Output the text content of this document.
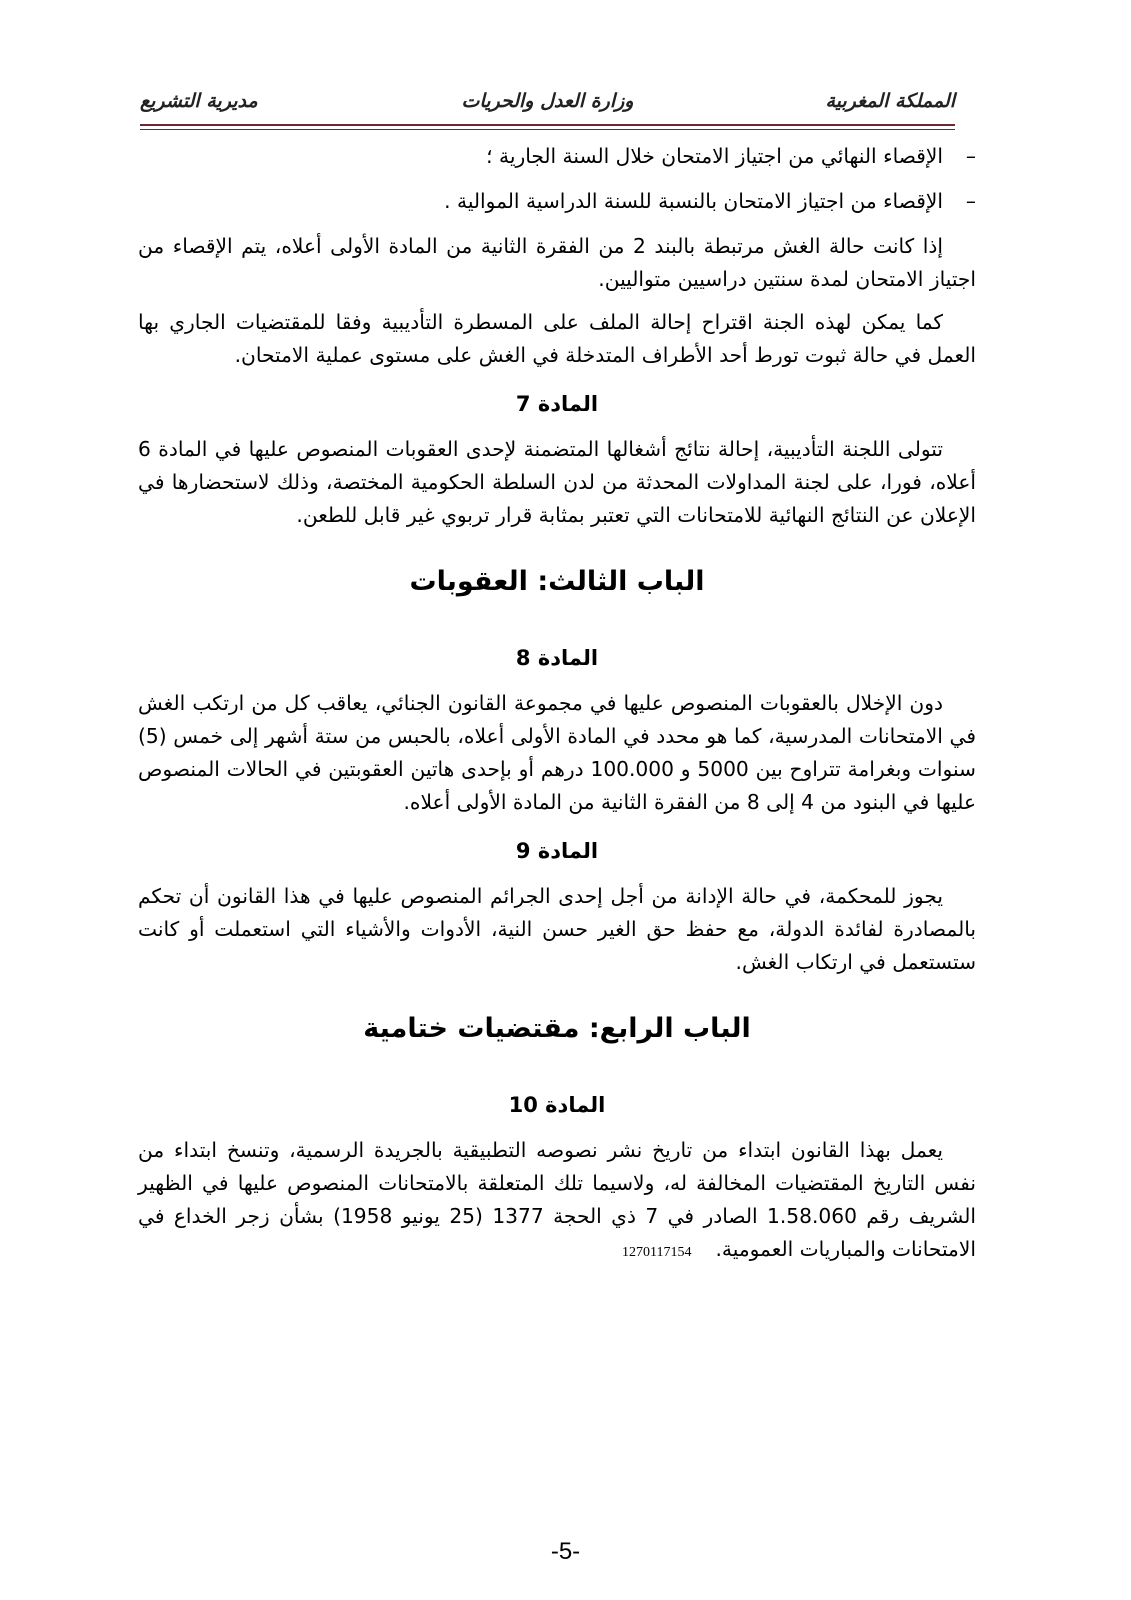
المملكة المغربية
وزارة العدل والحريات
مديرية التشريع
–الإقصاء النهائي من اجتياز الامتحان خلال السنة الجارية ؛
–الإقصاء من اجتياز الامتحان بالنسبة للسنة الدراسية الموالية .

إذا كانت حالة الغش مرتبطة بالبند 2 من الفقرة الثانية من المادة الأولى أعلاه، يتم الإقصاء من اجتياز الامتحان لمدة سنتين دراسيين متواليين.

كما يمكن لهذه الجنة اقتراح إحالة الملف على المسطرة التأديبية وفقا للمقتضيات الجاري بها العمل في حالة ثبوت تورط أحد الأطراف المتدخلة في الغش على مستوى عملية الامتحان.

المادة 7

تتولى اللجنة التأديبية، إحالة نتائج أشغالها المتضمنة لإحدى العقوبات المنصوص عليها في المادة 6 أعلاه، فورا، على لجنة المداولات المحدثة من لدن السلطة الحكومية المختصة، وذلك لاستحضارها في الإعلان عن النتائج النهائية للامتحانات التي تعتبر بمثابة قرار تربوي غير قابل للطعن.

الباب الثالث: العقوبات
المادة 8

دون الإخلال بالعقوبات المنصوص عليها في مجموعة القانون الجنائي، يعاقب كل من ارتكب الغش في الامتحانات المدرسية، كما هو محدد في المادة الأولى أعلاه، بالحبس من ستة أشهر إلى خمس (5) سنوات وبغرامة تتراوح بين 5000 و 100.000 درهم أو بإحدى هاتين العقوبتين في الحالات المنصوص عليها في البنود من 4 إلى 8 من الفقرة الثانية من المادة الأولى أعلاه.

المادة 9

يجوز للمحكمة، في حالة الإدانة من أجل إحدى الجرائم المنصوص عليها في هذا القانون أن تحكم بالمصادرة لفائدة الدولة، مع حفظ حق الغير حسن النية، الأدوات والأشياء التي استعملت أو كانت ستستعمل في ارتكاب الغش.

الباب الرابع: مقتضيات ختامية
المادة 10

يعمل بهذا القانون ابتداء من تاريخ نشر نصوصه التطبيقية بالجريدة الرسمية، وتنسخ ابتداء من نفس التاريخ المقتضيات المخالفة له، ولاسيما تلك المتعلقة بالامتحانات المنصوص عليها في الظهير الشريف رقم 1.58.060 الصادر في 7 ذي الحجة 1377 (25 يونيو 1958) بشأن زجر الخداع في الامتحانات والمباريات العمومية.1270117154

-5-
